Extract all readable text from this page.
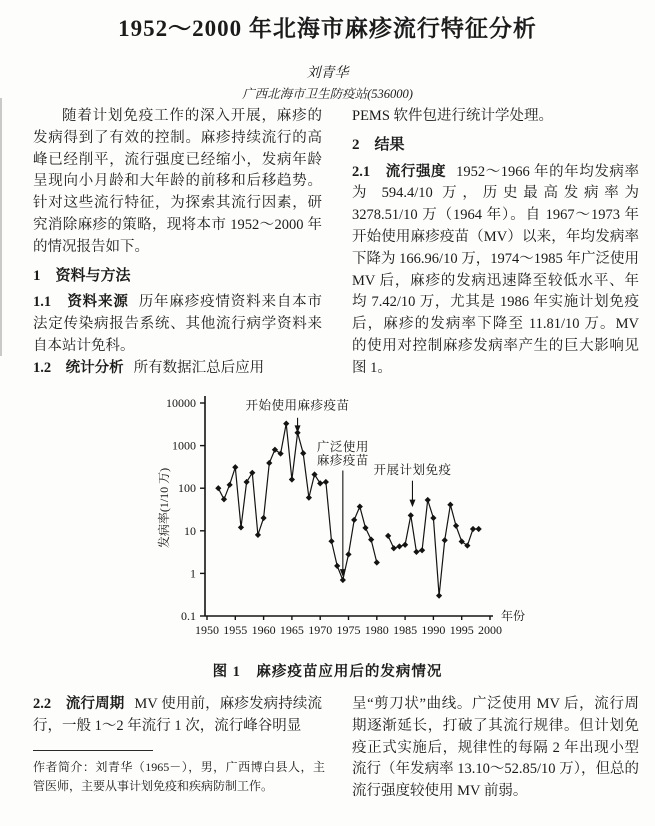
1952～2000 年北海市麻疹流行特征分析
刘青华
广西北海市卫生防疫站(536000)

随着计划免疫工作的深入开展，麻疹的发病得到了有效的控制。麻疹持续流行的高峰已经削平，流行强度已经缩小，发病年龄呈现向小月龄和大年龄的前移和后移趋势。针对这些流行特征，为探索其流行因素，研究消除麻疹的策略，现将本市 1952～2000 年的情况报告如下。

1　资料与方法

1.1　资料来源 历年麻疹疫情资料来自本市法定传染病报告系统、其他流行病学资料来自本站计免科。

1.2　统计分析 所有数据汇总后应用

PEMS 软件包进行统计学处理。

2　结果

2.1　流行强度 1952～1966 年的年均发病率为 594.4/10 万，历史最高发病率为 3278.51/10 万（1964 年）。自 1967～1973 年开始使用麻疹疫苗（MV）以来，年均发病率下降为 166.96/10 万，1974～1985 年广泛使用 MV 后，麻疹的发病迅速降至较低水平、年均 7.42/10 万，尤其是 1986 年实施计划免疫后，麻疹的发病率下降至 11.81/10 万。MV 的使用对控制麻疹发病率产生的巨大影响见图 1。

0.1
1
10
100
1000
10000
1950 1955 1960 1965 1970 1975 1980 1985 1990 1995 2000
年份
发病率(1/10 万)
开始使用麻疹疫苗
广泛使用
麻疹疫苗
开展计划免疫
图 1　麻疹疫苗应用后的发病情况

2.2　流行周期 MV 使用前，麻疹发病持续流行，一般 1～2 年流行 1 次，流行峰谷明显

呈“剪刀状”曲线。广泛使用 MV 后，流行周期逐渐延长，打破了其流行规律。但计划免疫正式实施后，规律性的每隔 2 年出现小型流行（年发病率 13.10～52.85/10 万），但总的流行强度较使用 MV 前弱。

作者简介：刘青华（1965－），男，广西博白县人，主管医师，主要从事计划免疫和疾病防制工作。
